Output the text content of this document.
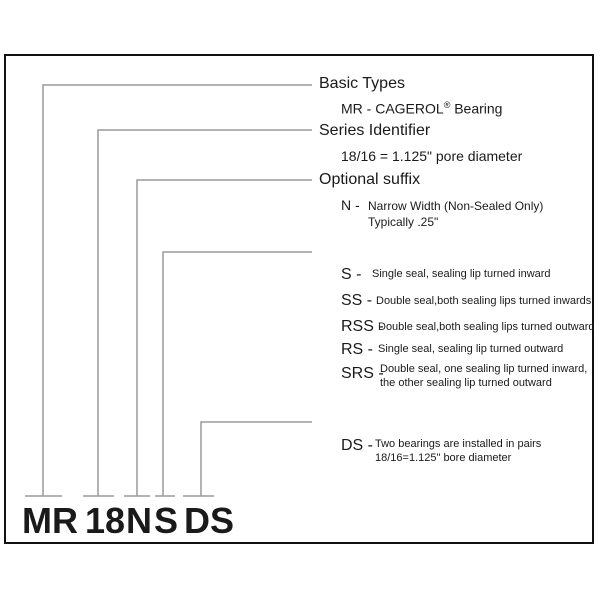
Basic Types
MR - CAGEROL® Bearing
Series Identifier
18/16 = 1.125" pore diameter
Optional suffix
N - Narrow Width (Non-Sealed Only)
Typically .25"
S - Single seal, sealing lip turned inward
SS - Double seal,both sealing lips turned inwards
RSS -
Double seal,both sealing lips turned outward
RS - Single seal, sealing lip turned outward
SRS -
Double seal, one sealing lip turned inward,
the other sealing lip turned outward
DS - Two bearings are installed in pairs
18/16=1.125" bore diameter
MR 18 N S DS
